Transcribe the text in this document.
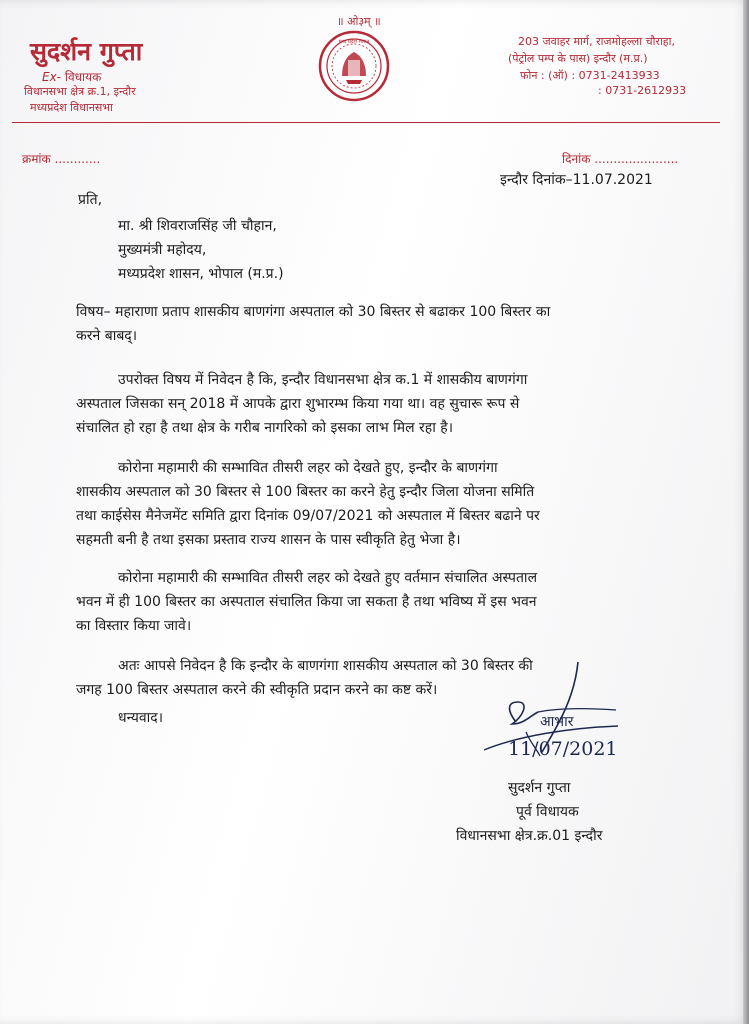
सुदर्शन गुप्ता
Ex- विधायक
विधानसभा क्षेत्र क्र.1, इन्दौर
मध्यप्रदेश विधानसभा
॥ ओ३म् ॥
मध्य प्रदेश शासन	203 जवाहर मार्ग, राजमोहल्ला चौराहा,
(पेट्रोल पम्प के पास) इन्दौर (म.प्र.)
फोन : (ऑ) : 0731-2413933
: 0731-2612933
क्रमांक ............	दिनांक ......................
इन्दौर दिनांक–11.07.2021
प्रति,
मा. श्री शिवराजसिंह जी चौहान,
मुख्यमंत्री महोदय,
मध्यप्रदेश शासन, भोपाल (म.प्र.)
विषय– महाराणा प्रताप शासकीय बाणगंगा अस्पताल को 30 बिस्तर से बढाकर 100 बिस्तर का
करने बाबद्।
उपरोक्त विषय में निवेदन है कि, इन्दौर विधानसभा क्षेत्र क.1 में शासकीय बाणगंगा
अस्पताल जिसका सन् 2018 में आपके द्वारा शुभारम्भ किया गया था। वह सुचारू रूप से
संचालित हो रहा है तथा क्षेत्र के गरीब नागरिको को इसका लाभ मिल रहा है।
कोरोना महामारी की सम्भावित तीसरी लहर को देखते हुए, इन्दौर के बाणगंगा
शासकीय अस्पताल को 30 बिस्तर से 100 बिस्तर का करने हेतु इन्दौर जिला योजना समिति
तथा काईसेस मैनेजमेंट समिति द्वारा दिनांक 09/07/2021 को अस्पताल में बिस्तर बढाने पर
सहमती बनी है तथा इसका प्रस्ताव राज्य शासन के पास स्वीकृति हेतु भेजा है।
कोरोना महामारी की सम्भावित तीसरी लहर को देखते हुए वर्तमान संचालित अस्पताल
भवन में ही 100 बिस्तर का अस्पताल संचालित किया जा सकता है तथा भविष्य में इस भवन
का विस्तार किया जावे।
अतः आपसे निवेदन है कि इन्दौर के बाणगंगा शासकीय अस्पताल को 30 बिस्तर की
जगह 100 बिस्तर अस्पताल करने की स्वीकृति प्रदान करने का कष्ट करें।
धन्यवाद।	आभार
11/07/2021
सुदर्शन गुप्ता
पूर्व विधायक
विधानसभा क्षेत्र.क्र.01 इन्दौर
